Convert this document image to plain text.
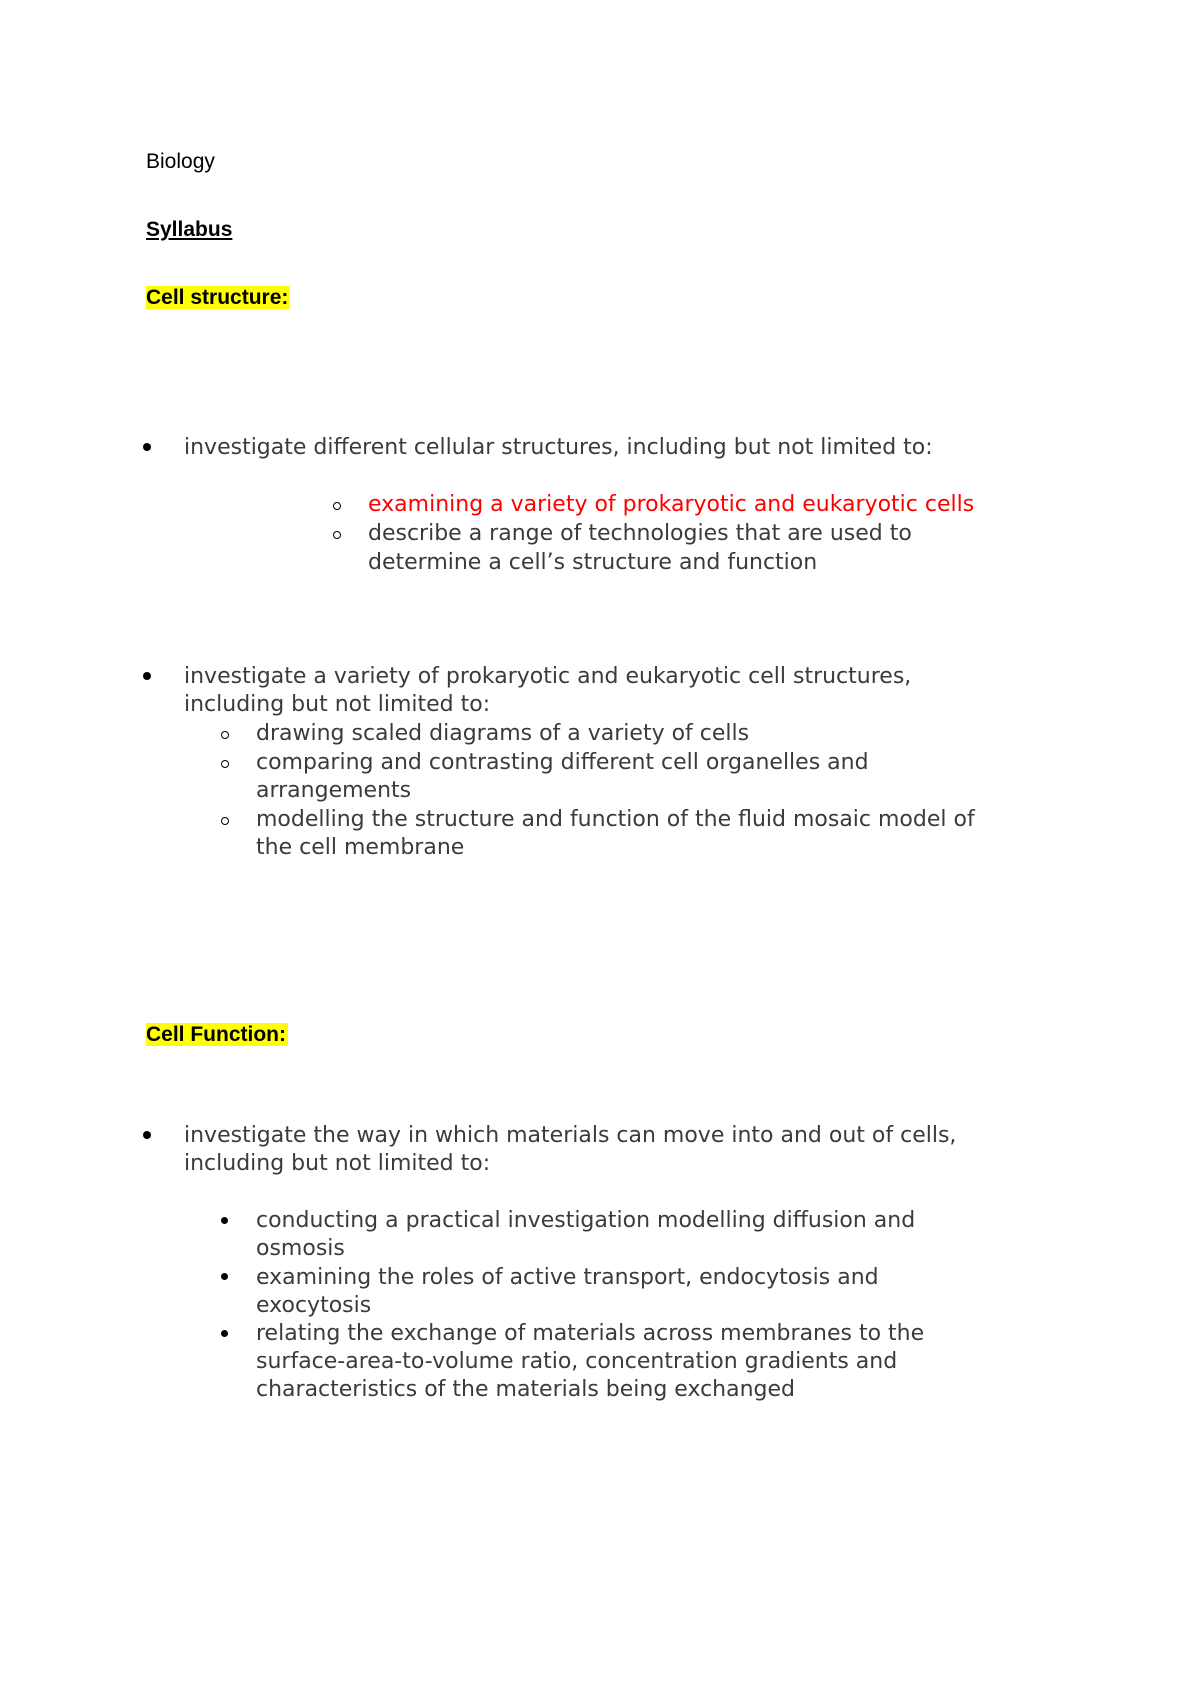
Biology

Syllabus

Cell structure:

investigate different cellular structures, including but not limited to:

examining a variety of prokaryotic and eukaryotic cells

describe a range of technologies that are used to

determine a cell’s structure and function

investigate a variety of prokaryotic and eukaryotic cell structures,

including but not limited to:

drawing scaled diagrams of a variety of cells

comparing and contrasting different cell organelles and

arrangements

modelling the structure and function of the fluid mosaic model of

the cell membrane

Cell Function:

investigate the way in which materials can move into and out of cells,

including but not limited to:

conducting a practical investigation modelling diffusion and

osmosis

examining the roles of active transport, endocytosis and

exocytosis

relating the exchange of materials across membranes to the

surface-area-to-volume ratio, concentration gradients and

characteristics of the materials being exchanged
